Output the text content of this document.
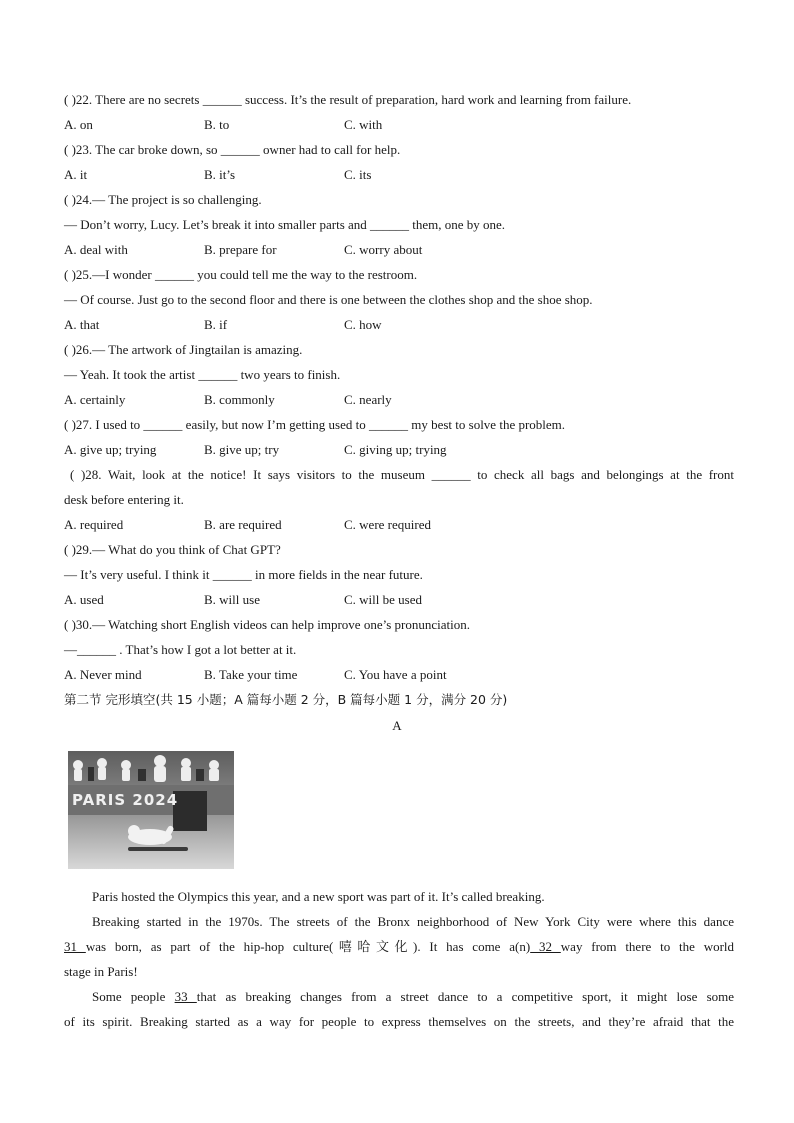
( )22. There are no secrets ______ success. It’s the result of preparation, hard work and learning from failure.
A. on	B. to	C. with
( )23. The car broke down, so ______ owner had to call for help.
A. it	B. it’s	C. its
( )24.— The project is so challenging.
— Don’t worry, Lucy. Let’s break it into smaller parts and ______ them, one by one.
A. deal with	B. prepare for	C. worry about
( )25.—I wonder ______ you could tell me the way to the restroom.
— Of course. Just go to the second floor and there is one between the clothes shop and the shoe shop.
A. that	B. if	C. how
( )26.— The artwork of Jingtailan is amazing.
— Yeah. It took the artist ______ two years to finish.
A. certainly	B. commonly	C. nearly
( )27. I used to ______ easily, but now I’m getting used to ______ my best to solve the problem.
A. give up; trying	B. give up; try	C. giving up; trying
( )28. Wait, look at the notice! It says visitors to the museum ______ to check all bags and belongings at the front
desk before entering it.
A. required	B. are required	C. were required
( )29.— What do you think of Chat GPT?
— It’s very useful. I think it ______ in more fields in the near future.
A. used	B. will use	C. will be used
( )30.— Watching short English videos can help improve one’s pronunciation.
—______ . That’s how I got a lot better at it.
A. Never mind	B. Take your time	C. You have a point
第二节 完形填空(共 15 小题；A 篇每小题 2 分，B 篇每小题 1 分，满分 20 分)
A
PARIS 2024
Paris hosted the Olympics this year, and a new sport was part of it. It’s called breaking.
Breaking started in the 1970s. The streets of the Bronx neighborhood of New York City were where this dance
31 was born, as part of the hip-hop culture(嘻哈文化). It has come a(n) 32 way from there to the world
stage in Paris!
Some people 33 that as breaking changes from a street dance to a competitive sport, it might lose some
of its spirit. Breaking started as a way for people to express themselves on the streets, and they’re afraid that the
